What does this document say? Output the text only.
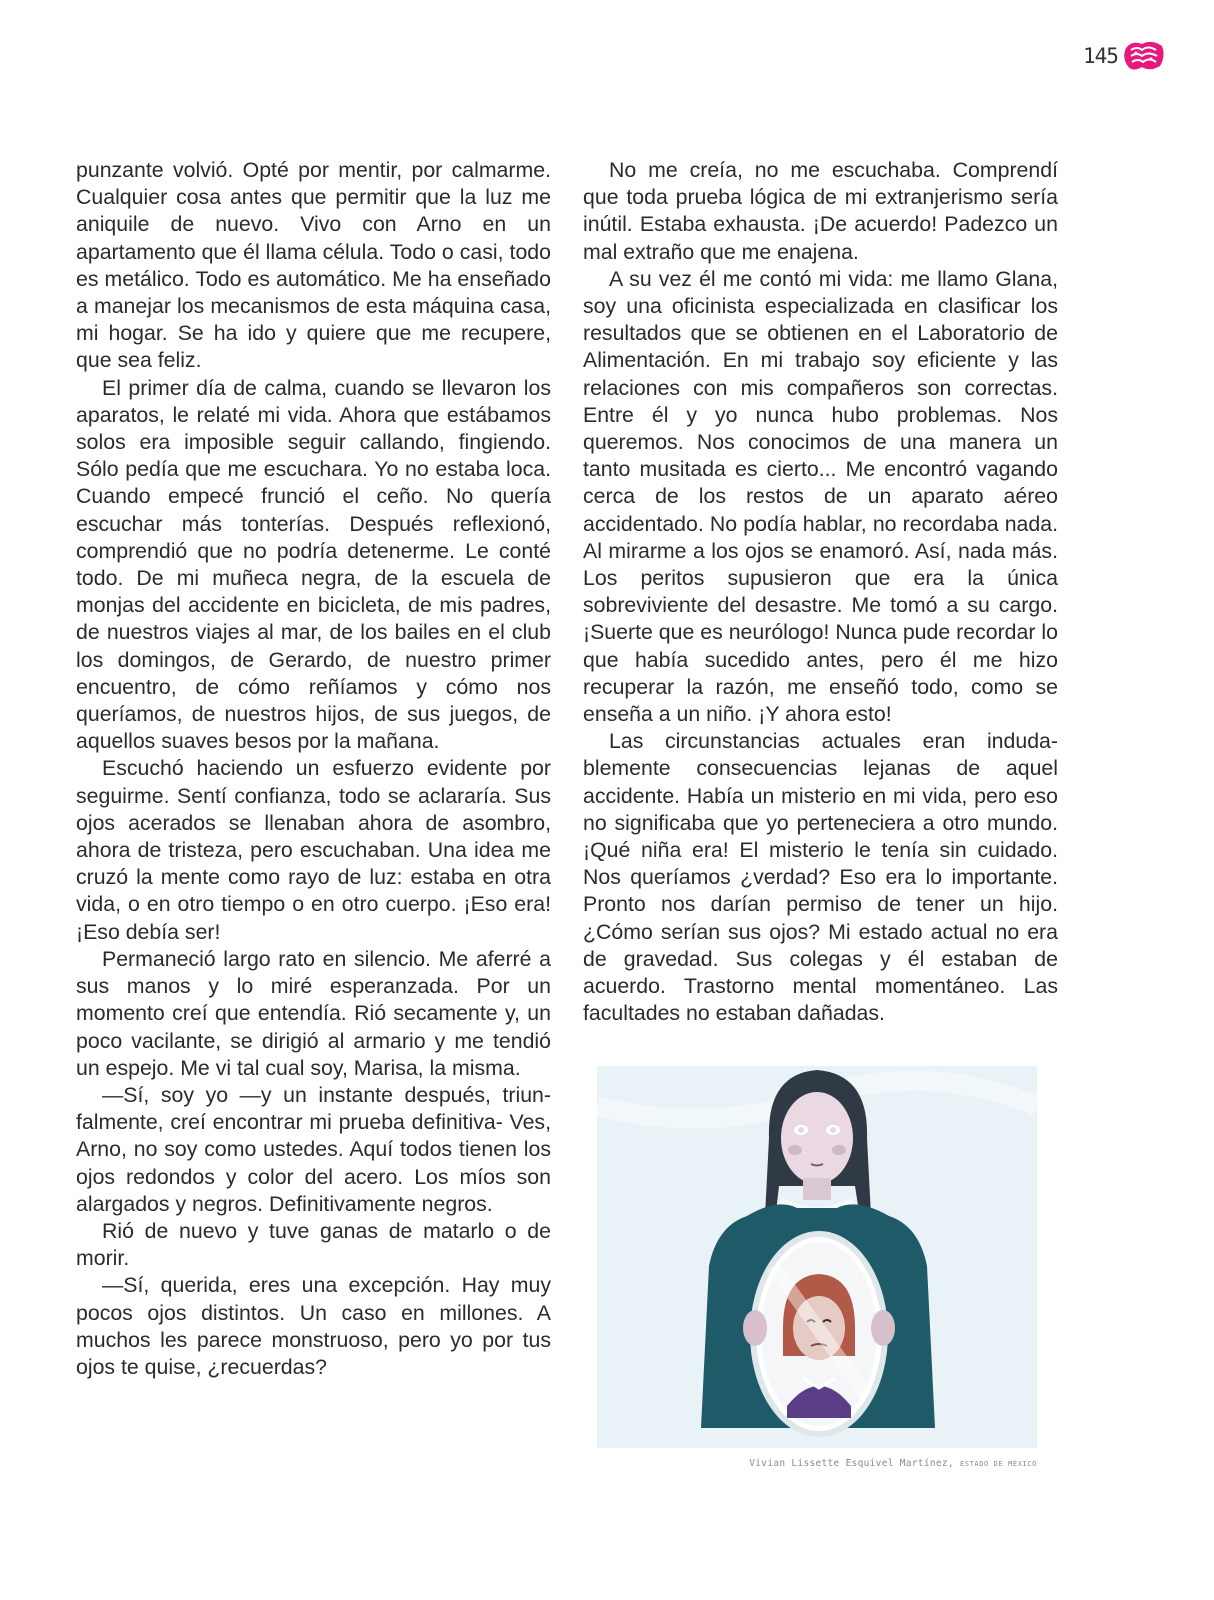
145

punzante volvió. Opté por mentir, por calmarme. Cualquier cosa antes que permitir que la luz me aniquile de nuevo. Vivo con Arno en un apartamento que él llama célula. Todo o casi, todo es metálico. Todo es automático. Me ha enseñado a manejar los mecanismos de esta máquina casa, mi hogar. Se ha ido y quiere que me recupere, que sea feliz.

El primer día de calma, cuando se llevaron los aparatos, le relaté mi vida. Ahora que estábamos solos era imposible seguir callando, fingiendo. Sólo pedía que me escuchara. Yo no estaba loca. Cuando empecé frunció el ceño. No quería escuchar más tonterías. Después reflexionó, comprendió que no podría detenerme. Le conté todo. De mi muñeca negra, de la escuela de monjas del accidente en bicicleta, de mis padres, de nuestros viajes al mar, de los bailes en el club los domingos, de Gerardo, de nuestro primer encuentro, de cómo reñíamos y cómo nos queríamos, de nuestros hijos, de sus juegos, de aquellos suaves besos por la mañana.

Escuchó haciendo un esfuerzo evidente por seguirme. Sentí confianza, todo se aclararía. Sus ojos acerados se llenaban ahora de asombro, ahora de tristeza, pero escuchaban. Una idea me cruzó la mente como rayo de luz: estaba en otra vida, o en otro tiempo o en otro cuerpo. ¡Eso era! ¡Eso debía ser!

Permaneció largo rato en silencio. Me aferré a sus manos y lo miré esperanzada. Por un momento creí que entendía. Rió secamente y, un poco vacilante, se dirigió al armario y me tendió un espejo. Me vi tal cual soy, Marisa, la misma.

—Sí, soy yo —y un instante después, triunfalmente, creí encontrar mi prueba definitiva- Ves, Arno, no soy como ustedes. Aquí todos tienen los ojos redondos y color del acero. Los míos son alargados y negros. Definitivamente negros.

Rió de nuevo y tuve ganas de matarlo o de morir.

—Sí, querida, eres una excepción. Hay muy pocos ojos distintos. Un caso en millones. A muchos les parece monstruoso, pero yo por tus ojos te quise, ¿recuerdas?

No me creía, no me escuchaba. Comprendí que toda prueba lógica de mi extranjerismo sería inútil. Estaba exhausta. ¡De acuerdo! Padezco un mal extraño que me enajena.

A su vez él me contó mi vida: me llamo Glana, soy una oficinista especializada en clasificar los resultados que se obtienen en el Laboratorio de Alimentación. En mi trabajo soy eficiente y las relaciones con mis compañeros son correctas. Entre él y yo nunca hubo problemas. Nos queremos. Nos conocimos de una manera un tanto musitada es cierto... Me encontró vagando cerca de los restos de un aparato aéreo accidentado. No podía hablar, no recordaba nada. Al mirarme a los ojos se enamoró. Así, nada más. Los peritos supusieron que era la única sobreviviente del desastre. Me tomó a su cargo. ¡Suerte que es neurólogo! Nunca pude recordar lo que había sucedido antes, pero él me hizo recuperar la razón, me enseñó todo, como se enseña a un niño. ¡Y ahora esto!

Las circunstancias actuales eran indudablemente consecuencias lejanas de aquel accidente. Había un misterio en mi vida, pero eso no significaba que yo perteneciera a otro mundo. ¡Qué niña era! El misterio le tenía sin cuidado. Nos queríamos ¿verdad? Eso era lo importante. Pronto nos darían permiso de tener un hijo. ¿Cómo serían sus ojos? Mi estado actual no era de gravedad. Sus colegas y él estaban de acuerdo. Trastorno mental momentáneo. Las facultades no estaban dañadas.

Vivian Lissette Esquivel Martínez, ESTADO DE MÉXICO
